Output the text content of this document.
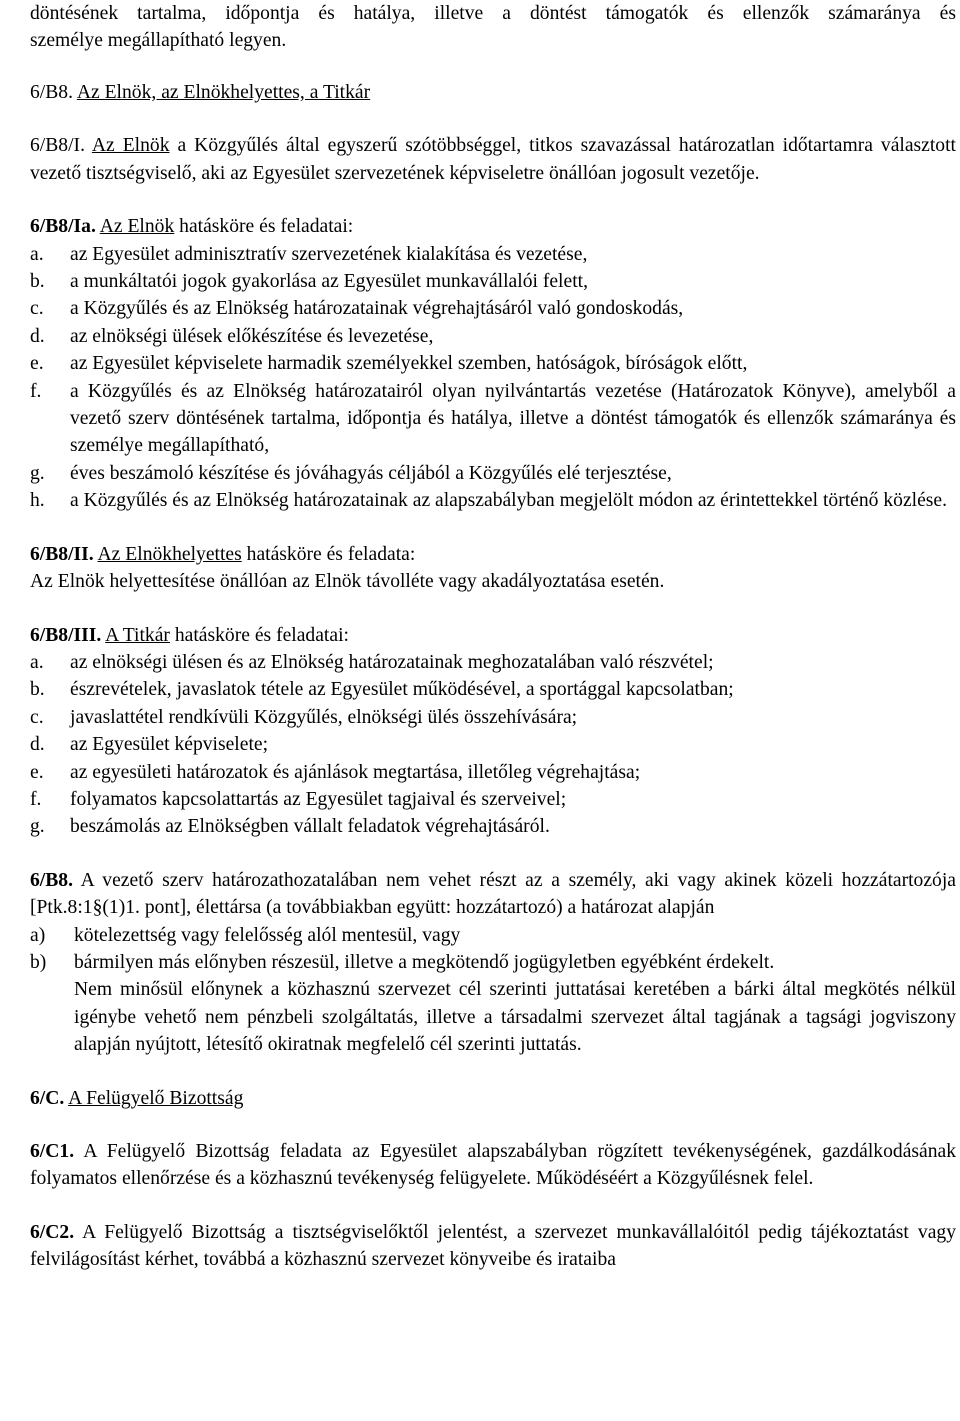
döntésének tartalma, időpontja és hatálya, illetve a döntést támogatók és ellenzők számaránya és

személye megállapítható legyen.

6/B8. Az Elnök, az Elnökhelyettes, a Titkár

6/B8/I. Az Elnök a Közgyűlés által egyszerű szótöbbséggel, titkos szavazással határozatlan időtartamra választott vezető tisztségviselő, aki az Egyesület szervezetének képviseletre önállóan jogosult vezetője.

6/B8/Ia. Az Elnök hatásköre és feladatai:

a.	az Egyesület adminisztratív szervezetének kialakítása és vezetése,
b.	a munkáltatói jogok gyakorlása az Egyesület munkavállalói felett,
c.	a Közgyűlés és az Elnökség határozatainak végrehajtásáról való gondoskodás,
d.	az elnökségi ülések előkészítése és levezetése,
e.	az Egyesület képviselete harmadik személyekkel szemben, hatóságok, bíróságok előtt,
f.	a Közgyűlés és az Elnökség határozatairól olyan nyilvántartás vezetése (Határozatok Könyve), amelyből a vezető szerv döntésének tartalma, időpontja és hatálya, illetve a döntést támogatók és ellenzők számaránya és személye megállapítható,
g.	éves beszámoló készítése és jóváhagyás céljából a Közgyűlés elé terjesztése,
h.	a Közgyűlés és az Elnökség határozatainak az alapszabályban megjelölt módon az érintettekkel történő közlése.

6/B8/II. Az Elnökhelyettes hatásköre és feladata:

Az Elnök helyettesítése önállóan az Elnök távolléte vagy akadályoztatása esetén.

6/B8/III. A Titkár hatásköre és feladatai:

a.	az elnökségi ülésen és az Elnökség határozatainak meghozatalában való részvétel;
b.	észrevételek, javaslatok tétele az Egyesület működésével, a sportággal kapcsolatban;
c.	javaslattétel rendkívüli Közgyűlés, elnökségi ülés összehívására;
d.	az Egyesület képviselete;
e.	az egyesületi határozatok és ajánlások megtartása, illetőleg végrehajtása;
f.	folyamatos kapcsolattartás az Egyesület tagjaival és szerveivel;
g.	beszámolás az Elnökségben vállalt feladatok végrehajtásáról.

6/B8. A vezető szerv határozathozatalában nem vehet részt az a személy, aki vagy akinek közeli hozzátartozója [Ptk.8:1§(1)1. pont], élettársa (a továbbiakban együtt: hozzátartozó) a határozat alapján

a)	kötelezettség vagy felelősség alól mentesül, vagy
b)	bármilyen más előnyben részesül, illetve a megkötendő jogügyletben egyébként érdekelt.

Nem minősül előnynek a közhasznú szervezet cél szerinti juttatásai keretében a bárki által megkötés nélkül igénybe vehető nem pénzbeli szolgáltatás, illetve a társadalmi szervezet által tagjának a tagsági jogviszony alapján nyújtott, létesítő okiratnak megfelelő cél szerinti juttatás.

6/C. A Felügyelő Bizottság

6/C1. A Felügyelő Bizottság feladata az Egyesület alapszabályban rögzített tevékenységének, gazdálkodásának folyamatos ellenőrzése és a közhasznú tevékenység felügyelete. Működéséért a Közgyűlésnek felel.

6/C2. A Felügyelő Bizottság a tisztségviselőktől jelentést, a szervezet munkavállalóitól pedig tájékoztatást vagy felvilágosítást kérhet, továbbá a közhasznú szervezet könyveibe és irataiba
